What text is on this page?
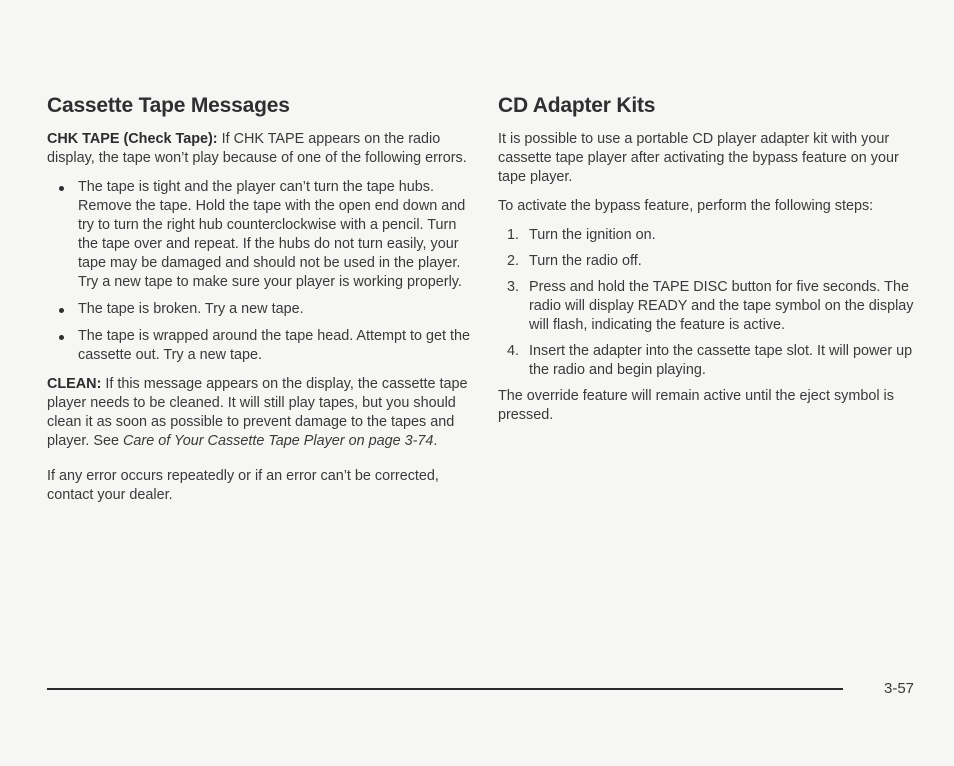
Cassette Tape Messages

CHK TAPE (Check Tape): If CHK TAPE appears on the radio display, the tape won’t play because of one of the following errors.

The tape is tight and the player can’t turn the tape hubs. Remove the tape. Hold the tape with the open end down and try to turn the right hub counterclockwise with a pencil. Turn the tape over and repeat. If the hubs do not turn easily, your tape may be damaged and should not be used in the player. Try a new tape to make sure your player is working properly.
The tape is broken. Try a new tape.
The tape is wrapped around the tape head. Attempt to get the cassette out. Try a new tape.

CLEAN: If this message appears on the display, the cassette tape player needs to be cleaned. It will still play tapes, but you should clean it as soon as possible to prevent damage to the tapes and player. See Care of Your Cassette Tape Player on page 3-74.

If any error occurs repeatedly or if an error can’t be corrected, contact your dealer.

CD Adapter Kits

It is possible to use a portable CD player adapter kit with your cassette tape player after activating the bypass feature on your tape player.

To activate the bypass feature, perform the following steps:

1. Turn the ignition on.
2. Turn the radio off.
3. Press and hold the TAPE DISC button for five seconds. The radio will display READY and the tape symbol on the display will flash, indicating the feature is active.
4. Insert the adapter into the cassette tape slot. It will power up the radio and begin playing.

The override feature will remain active until the eject symbol is pressed.

3-57
